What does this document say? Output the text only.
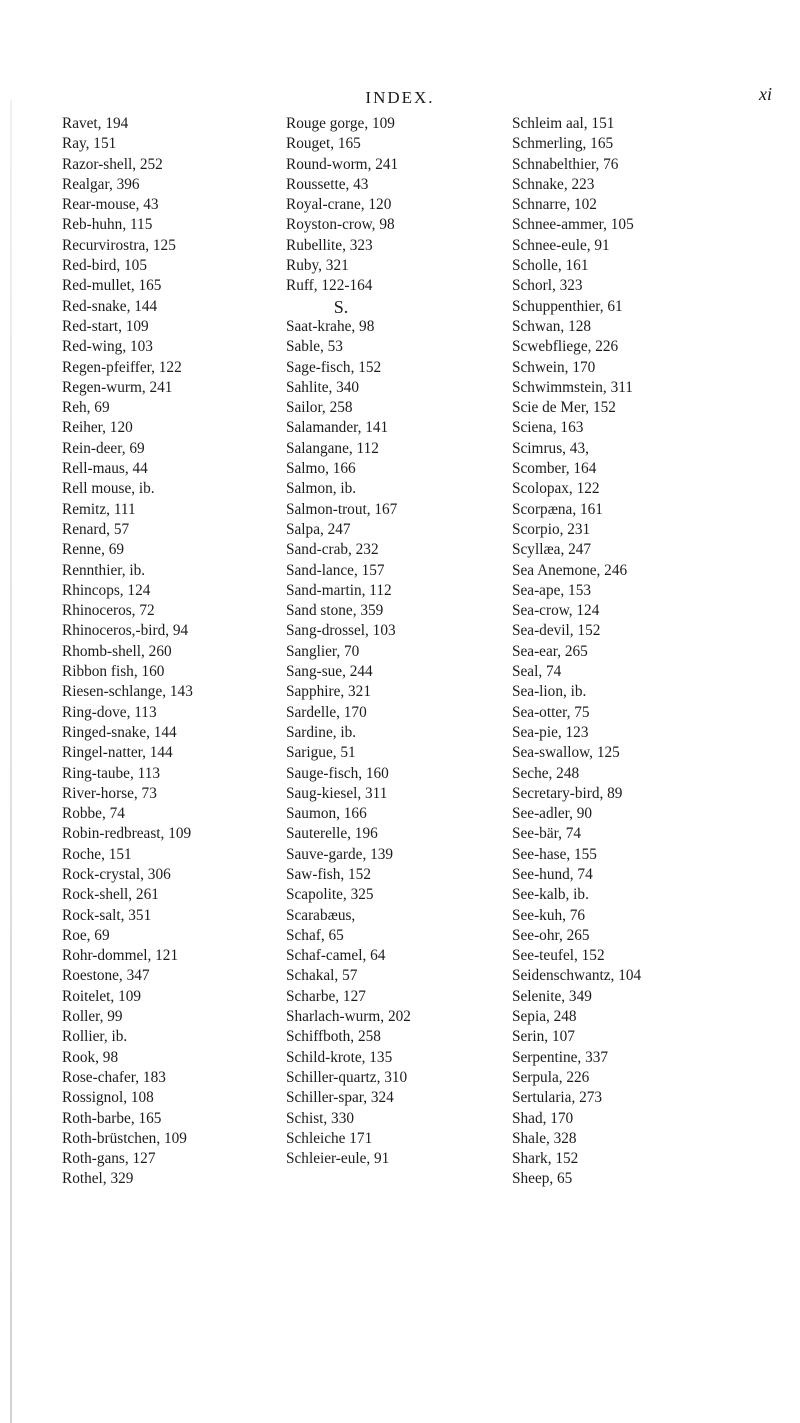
INDEX.	xi
Ravet, 194
Ray, 151
Razor-shell, 252
Realgar, 396
Rear-mouse, 43
Reb-huhn, 115
Recurvirostra, 125
Red-bird, 105
Red-mullet, 165
Red-snake, 144
Red-start, 109
Red-wing, 103
Regen-pfeiffer, 122
Regen-wurm, 241
Reh, 69
Reiher, 120
Rein-deer, 69
Rell-maus, 44
Rell mouse, ib.
Remitz, 111
Renard, 57
Renne, 69
Rennthier, ib.
Rhincops, 124
Rhinoceros, 72
Rhinoceros,-bird, 94
Rhomb-shell, 260
Ribbon fish, 160
Riesen-schlange, 143
Ring-dove, 113
Ringed-snake, 144
Ringel-natter, 144
Ring-taube, 113
River-horse, 73
Robbe, 74
Robin-redbreast, 109
Roche, 151
Rock-crystal, 306
Rock-shell, 261
Rock-salt, 351
Roe, 69
Rohr-dommel, 121
Roestone, 347
Roitelet, 109
Roller, 99
Rollier, ib.
Rook, 98
Rose-chafer, 183
Rossignol, 108
Roth-barbe, 165
Roth-brüstchen, 109
Roth-gans, 127
Rothel, 329
Rouge gorge, 109
Rouget, 165
Round-worm, 241
Roussette, 43
Royal-crane, 120
Royston-crow, 98
Rubellite, 323
Ruby, 321
Ruff, 122-164
S.
Saat-krahe, 98
Sable, 53
Sage-fisch, 152
Sahlite, 340
Sailor, 258
Salamander, 141
Salangane, 112
Salmo, 166
Salmon, ib.
Salmon-trout, 167
Salpa, 247
Sand-crab, 232
Sand-lance, 157
Sand-martin, 112
Sand stone, 359
Sang-drossel, 103
Sanglier, 70
Sang-sue, 244
Sapphire, 321
Sardelle, 170
Sardine, ib.
Sarigue, 51
Sauge-fisch, 160
Saug-kiesel, 311
Saumon, 166
Sauterelle, 196
Sauve-garde, 139
Saw-fish, 152
Scapolite, 325
Scarabæus,
Schaf, 65
Schaf-camel, 64
Schakal, 57
Scharbe, 127
Sharlach-wurm, 202
Schiffboth, 258
Schild-krote, 135
Schiller-quartz, 310
Schiller-spar, 324
Schist, 330
Schleiche 171
Schleier-eule, 91
Schleim aal, 151
Schmerling, 165
Schnabelthier, 76
Schnake, 223
Schnarre, 102
Schnee-ammer, 105
Schnee-eule, 91
Scholle, 161
Schorl, 323
Schuppenthier, 61
Schwan, 128
Scwebfliege, 226
Schwein, 170
Schwimmstein, 311
Scie de Mer, 152
Sciena, 163
Scimrus, 43,
Scomber, 164
Scolopax, 122
Scorpæna, 161
Scorpio, 231
Scyllæa, 247
Sea Anemone, 246
Sea-ape, 153
Sea-crow, 124
Sea-devil, 152
Sea-ear, 265
Seal, 74
Sea-lion, ib.
Sea-otter, 75
Sea-pie, 123
Sea-swallow, 125
Seche, 248
Secretary-bird, 89
See-adler, 90
See-bär, 74
See-hase, 155
See-hund, 74
See-kalb, ib.
See-kuh, 76
See-ohr, 265
See-teufel, 152
Seidenschwantz, 104
Selenite, 349
Sepia, 248
Serin, 107
Serpentine, 337
Serpula, 226
Sertularia, 273
Shad, 170
Shale, 328
Shark, 152
Sheep, 65
